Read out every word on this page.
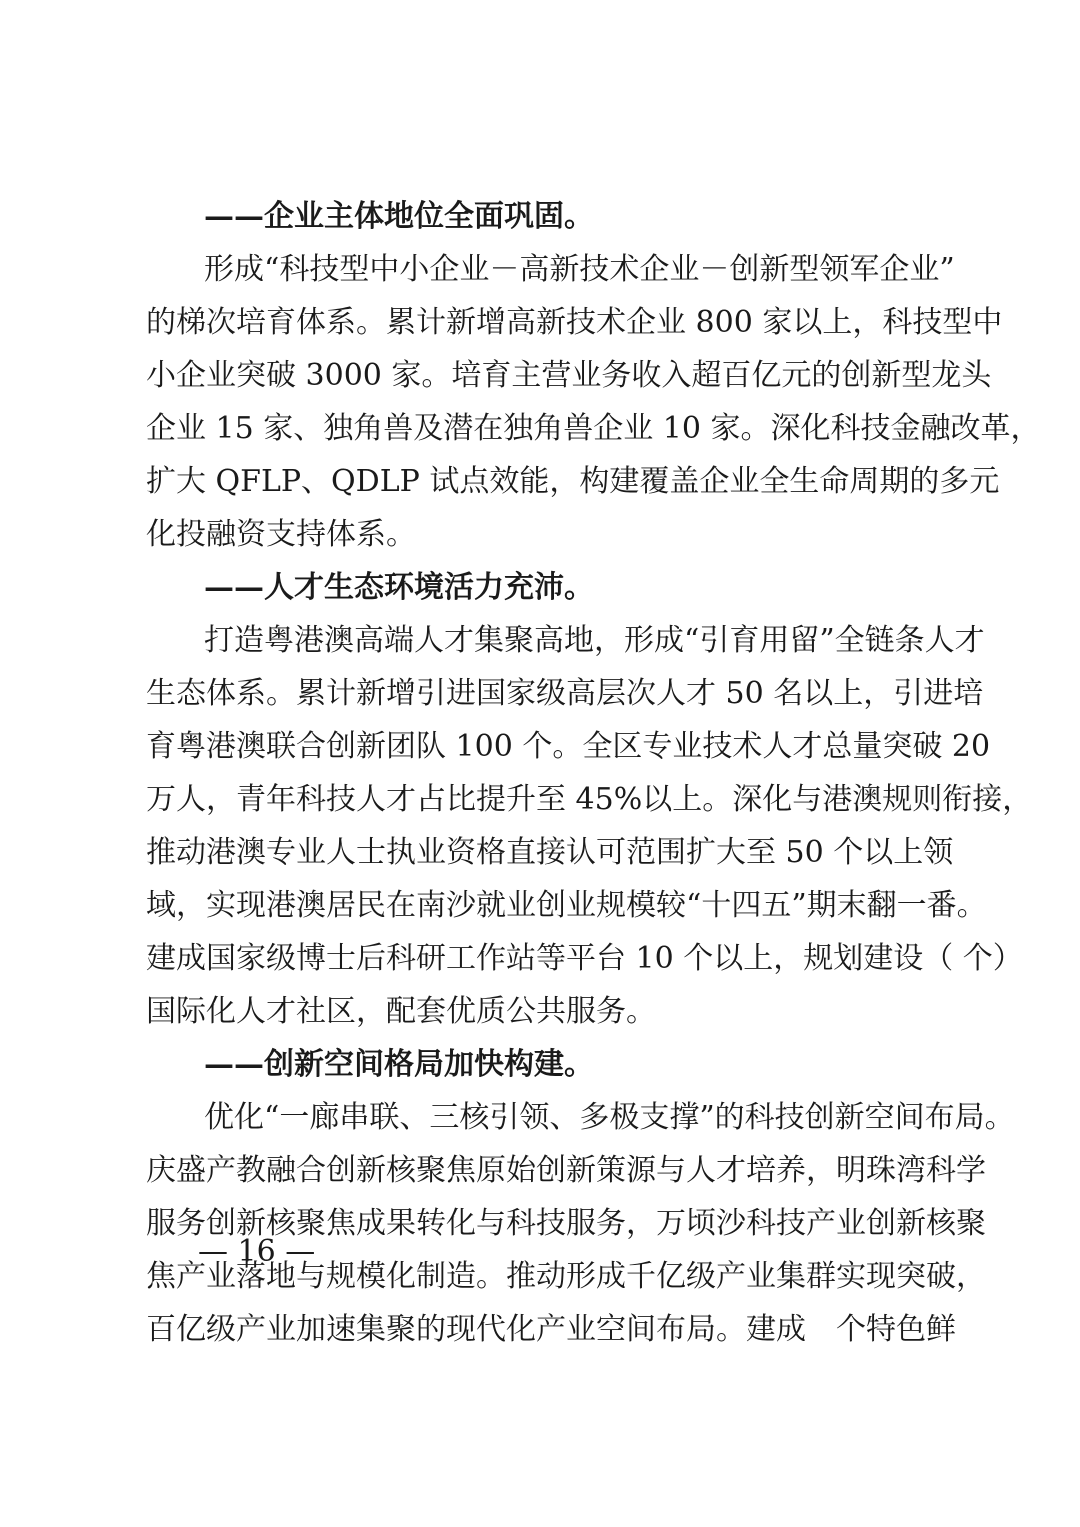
——企业主体地位全面巩固。
形成“科技型中小企业－高新技术企业－创新型领军企业”
的梯次培育体系。累计新增高新技术企业 800 家以上，科技型中
小企业突破 3000 家。培育主营业务收入超百亿元的创新型龙头
企业 15 家、独角兽及潜在独角兽企业 10 家。深化科技金融改革，
扩大 QFLP、QDLP 试点效能，构建覆盖企业全生命周期的多元
化投融资支持体系。
——人才生态环境活力充沛。
打造粤港澳高端人才集聚高地，形成“引育用留”全链条人才
生态体系。累计新增引进国家级高层次人才 50 名以上，引进培
育粤港澳联合创新团队 100 个。全区专业技术人才总量突破 20
万人，青年科技人才占比提升至 45%以上。深化与港澳规则衔接，
推动港澳专业人士执业资格直接认可范围扩大至 50 个以上领
域，实现港澳居民在南沙就业创业规模较“十四五”期末翻一番。
建成国家级博士后科研工作站等平台 10 个以上，规划建设（ 个）
国际化人才社区，配套优质公共服务。
——创新空间格局加快构建。
优化“一廊串联、三核引领、多极支撑”的科技创新空间布局。
庆盛产教融合创新核聚焦原始创新策源与人才培养，明珠湾科学
服务创新核聚焦成果转化与科技服务，万顷沙科技产业创新核聚
焦产业落地与规模化制造。推动形成千亿级产业集群实现突破，
百亿级产业加速集聚的现代化产业空间布局。建成　个特色鲜
— 16 —
